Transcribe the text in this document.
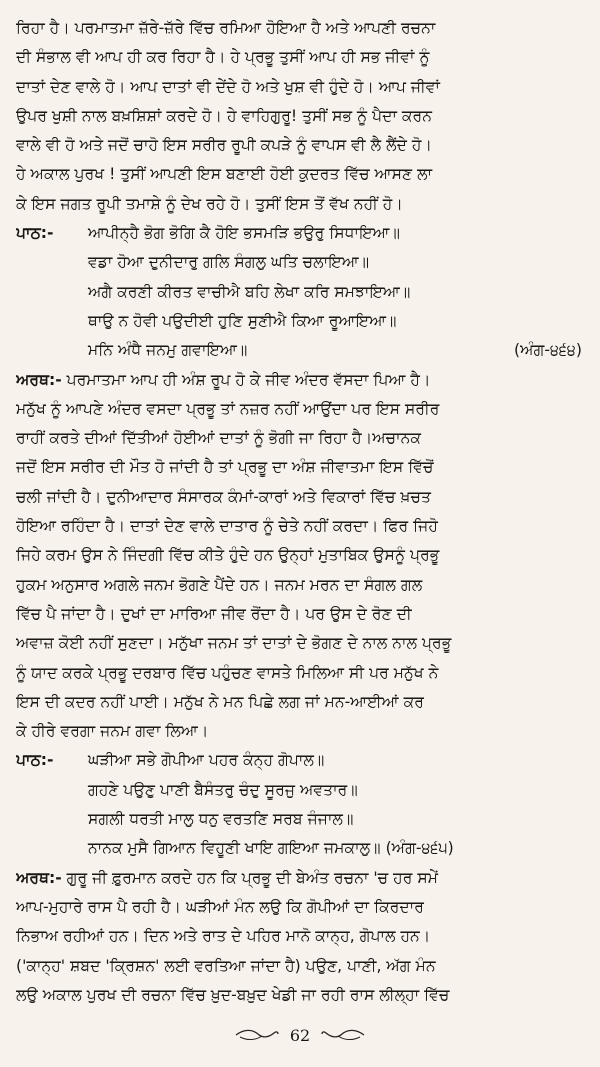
ਰਿਹਾ ਹੈ। ਪਰਮਾਤਮਾ ਜ਼ੱਰੇ-ਜ਼ੱਰੇ ਵਿੱਚ ਰਮਿਆ ਹੋਇਆ ਹੈ ਅਤੇ ਆਪਣੀ ਰਚਨਾ
ਦੀ ਸੰਭਾਲ ਵੀ ਆਪ ਹੀ ਕਰ ਰਿਹਾ ਹੈ। ਹੇ ਪ੍ਰਭੂ ਤੁਸੀਂ ਆਪ ਹੀ ਸਭ ਜੀਵਾਂ ਨੂੰ
ਦਾਤਾਂ ਦੇਣ ਵਾਲੇ ਹੋ। ਆਪ ਦਾਤਾਂ ਵੀ ਦੇਂਦੇ ਹੋ ਅਤੇ ਖੁਸ਼ ਵੀ ਹੁੰਦੇ ਹੋ। ਆਪ ਜੀਵਾਂ
ਉਪਰ ਖੁਸ਼ੀ ਨਾਲ ਬਖ਼ਸ਼ਿਸ਼ਾਂ ਕਰਦੇ ਹੋ। ਹੇ ਵਾਹਿਗੁਰੂ! ਤੁਸੀਂ ਸਭ ਨੂੰ ਪੈਦਾ ਕਰਨ
ਵਾਲੇ ਵੀ ਹੋ ਅਤੇ ਜਦੋਂ ਚਾਹੋ ਇਸ ਸਰੀਰ ਰੂਪੀ ਕਪੜੇ ਨੂੰ ਵਾਪਸ ਵੀ ਲੈ ਲੈਂਦੇ ਹੋ।
ਹੇ ਅਕਾਲ ਪੁਰਖ ! ਤੁਸੀਂ ਆਪਣੀ ਇਸ ਬਣਾਈ ਹੋਈ ਕੁਦਰਤ ਵਿੱਚ ਆਸਣ ਲਾ
ਕੇ ਇਸ ਜਗਤ ਰੂਪੀ ਤਮਾਸ਼ੇ ਨੂੰ ਦੇਖ ਰਹੇ ਹੋ। ਤੁਸੀਂ ਇਸ ਤੋਂ ਵੱਖ ਨਹੀਂ ਹੋ।
ਪਾਠ:- ਆਪੀਨ੍ਹੈ ਭੋਗ ਭੋਗਿ ਕੈ ਹੋਇ ਭਸਮੜਿ ਭਉਰੁ ਸਿਧਾਇਆ॥
ਵਡਾ ਹੋਆ ਦੁਨੀਦਾਰੁ ਗਲਿ ਸੰਗਲੁ ਘਤਿ ਚਲਾਇਆ॥
ਅਗੈ ਕਰਣੀ ਕੀਰਤ ਵਾਚੀਐ ਬਹਿ ਲੇਖਾ ਕਰਿ ਸਮਝਾਇਆ॥
ਥਾਉ ਨ ਹੋਵੀ ਪਉਦੀਈ ਹੁਣਿ ਸੁਣੀਐ ਕਿਆ ਰੂਆਇਆ॥
ਮਨਿ ਅੰਧੈ ਜਨਮੁ ਗਵਾਇਆ॥	(ਅੰਗ-੪੬੪)
ਅਰਥ:- ਪਰਮਾਤਮਾ ਆਪ ਹੀ ਅੰਸ਼ ਰੂਪ ਹੋ ਕੇ ਜੀਵ ਅੰਦਰ ਵੱਸਦਾ ਪਿਆ ਹੈ।
ਮਨੁੱਖ ਨੂੰ ਆਪਣੇ ਅੰਦਰ ਵਸਦਾ ਪ੍ਰਭੂ ਤਾਂ ਨਜ਼ਰ ਨਹੀਂ ਆਉਂਦਾ ਪਰ ਇਸ ਸਰੀਰ
ਰਾਹੀਂ ਕਰਤੇ ਦੀਆਂ ਦਿੱਤੀਆਂ ਹੋਈਆਂ ਦਾਤਾਂ ਨੂੰ ਭੋਗੀ ਜਾ ਰਿਹਾ ਹੈ।ਅਚਾਨਕ
ਜਦੋਂ ਇਸ ਸਰੀਰ ਦੀ ਮੌਤ ਹੋ ਜਾਂਦੀ ਹੈ ਤਾਂ ਪ੍ਰਭੂ ਦਾ ਅੰਸ਼ ਜੀਵਾਤਮਾ ਇਸ ਵਿੱਚੋਂ
ਚਲੀ ਜਾਂਦੀ ਹੈ। ਦੁਨੀਆਦਾਰ ਸੰਸਾਰਕ ਕੰਮਾਂ-ਕਾਰਾਂ ਅਤੇ ਵਿਕਾਰਾਂ ਵਿੱਚ ਖ਼ਚਤ
ਹੋਇਆ ਰਹਿੰਦਾ ਹੈ। ਦਾਤਾਂ ਦੇਣ ਵਾਲੇ ਦਾਤਾਰ ਨੂੰ ਚੇਤੇ ਨਹੀਂ ਕਰਦਾ। ਫਿਰ ਜਿਹੋ
ਜਿਹੇ ਕਰਮ ਉਸ ਨੇ ਜਿੰਦਗੀ ਵਿੱਚ ਕੀਤੇ ਹੁੰਦੇ ਹਨ ਉਨ੍ਹਾਂ ਮੁਤਾਬਿਕ ਉਸਨੂੰ ਪ੍ਰਭੂ
ਹੁਕਮ ਅਨੁਸਾਰ ਅਗਲੇ ਜਨਮ ਭੋਗਣੇ ਪੈਂਦੇ ਹਨ। ਜਨਮ ਮਰਨ ਦਾ ਸੰਗਲ ਗਲ
ਵਿੱਚ ਪੈ ਜਾਂਦਾ ਹੈ। ਦੁਖਾਂ ਦਾ ਮਾਰਿਆ ਜੀਵ ਰੋਂਦਾ ਹੈ। ਪਰ ਉਸ ਦੇ ਰੋਣ ਦੀ
ਅਵਾਜ਼ ਕੋਈ ਨਹੀਂ ਸੁਣਦਾ। ਮਨੁੱਖਾ ਜਨਮ ਤਾਂ ਦਾਤਾਂ ਦੇ ਭੋਗਣ ਦੇ ਨਾਲ ਨਾਲ ਪ੍ਰਭੂ
ਨੂੰ ਯਾਦ ਕਰਕੇ ਪ੍ਰਭੂ ਦਰਬਾਰ ਵਿੱਚ ਪਹੁੰਚਣ ਵਾਸਤੇ ਮਿਲਿਆ ਸੀ ਪਰ ਮਨੁੱਖ ਨੇ
ਇਸ ਦੀ ਕਦਰ ਨਹੀਂ ਪਾਈ। ਮਨੁੱਖ ਨੇ ਮਨ ਪਿਛੇ ਲਗ ਜਾਂ ਮਨ-ਆਈਆਂ ਕਰ
ਕੇ ਹੀਰੇ ਵਰਗਾ ਜਨਮ ਗਵਾ ਲਿਆ।
ਪਾਠ:- ਘੜੀਆ ਸਭੇ ਗੋਪੀਆ ਪਹਰ ਕੰਨ੍ਹ ਗੋਪਾਲ॥
ਗਹਣੇ ਪਉਣੁ ਪਾਣੀ ਬੈਸੰਤਰੁ ਚੰਦੁ ਸੂਰਜੁ ਅਵਤਾਰ॥
ਸਗਲੀ ਧਰਤੀ ਮਾਲੁ ਧਨੁ ਵਰਤਣਿ ਸਰਬ ਜੰਜਾਲ॥
ਨਾਨਕ ਮੁਸੈ ਗਿਆਨ ਵਿਹੂਣੀ ਖਾਇ ਗਇਆ ਜਮਕਾਲੁ॥ (ਅੰਗ-੪੬੫)
ਅਰਥ:- ਗੁਰੂ ਜੀ ਫ਼ੁਰਮਾਨ ਕਰਦੇ ਹਨ ਕਿ ਪ੍ਰਭੂ ਦੀ ਬੇਅੰਤ ਰਚਨਾ 'ਚ ਹਰ ਸਮੇਂ
ਆਪ-ਮੁਹਾਰੇ ਰਾਸ ਪੈ ਰਹੀ ਹੈ। ਘੜੀਆਂ ਮੰਨ ਲਉ ਕਿ ਗੋਪੀਆਂ ਦਾ ਕਿਰਦਾਰ
ਨਿਭਾਅ ਰਹੀਆਂ ਹਨ। ਦਿਨ ਅਤੇ ਰਾਤ ਦੇ ਪਹਿਰ ਮਾਨੋ ਕਾਨ੍ਹ, ਗੋਪਾਲ ਹਨ।
('ਕਾਨ੍ਹ' ਸ਼ਬਦ 'ਕ੍ਰਿਸ਼ਨ' ਲਈ ਵਰਤਿਆ ਜਾਂਦਾ ਹੈ) ਪਉਣ, ਪਾਣੀ, ਅੱਗ ਮੰਨ
ਲਉ ਅਕਾਲ ਪੁਰਖ ਦੀ ਰਚਨਾ ਵਿੱਚ ਖ਼ੁਦ-ਬਖ਼ੁਦ ਖੇਡੀ ਜਾ ਰਹੀ ਰਾਸ ਲੀਲ੍ਹਾ ਵਿੱਚ
62
